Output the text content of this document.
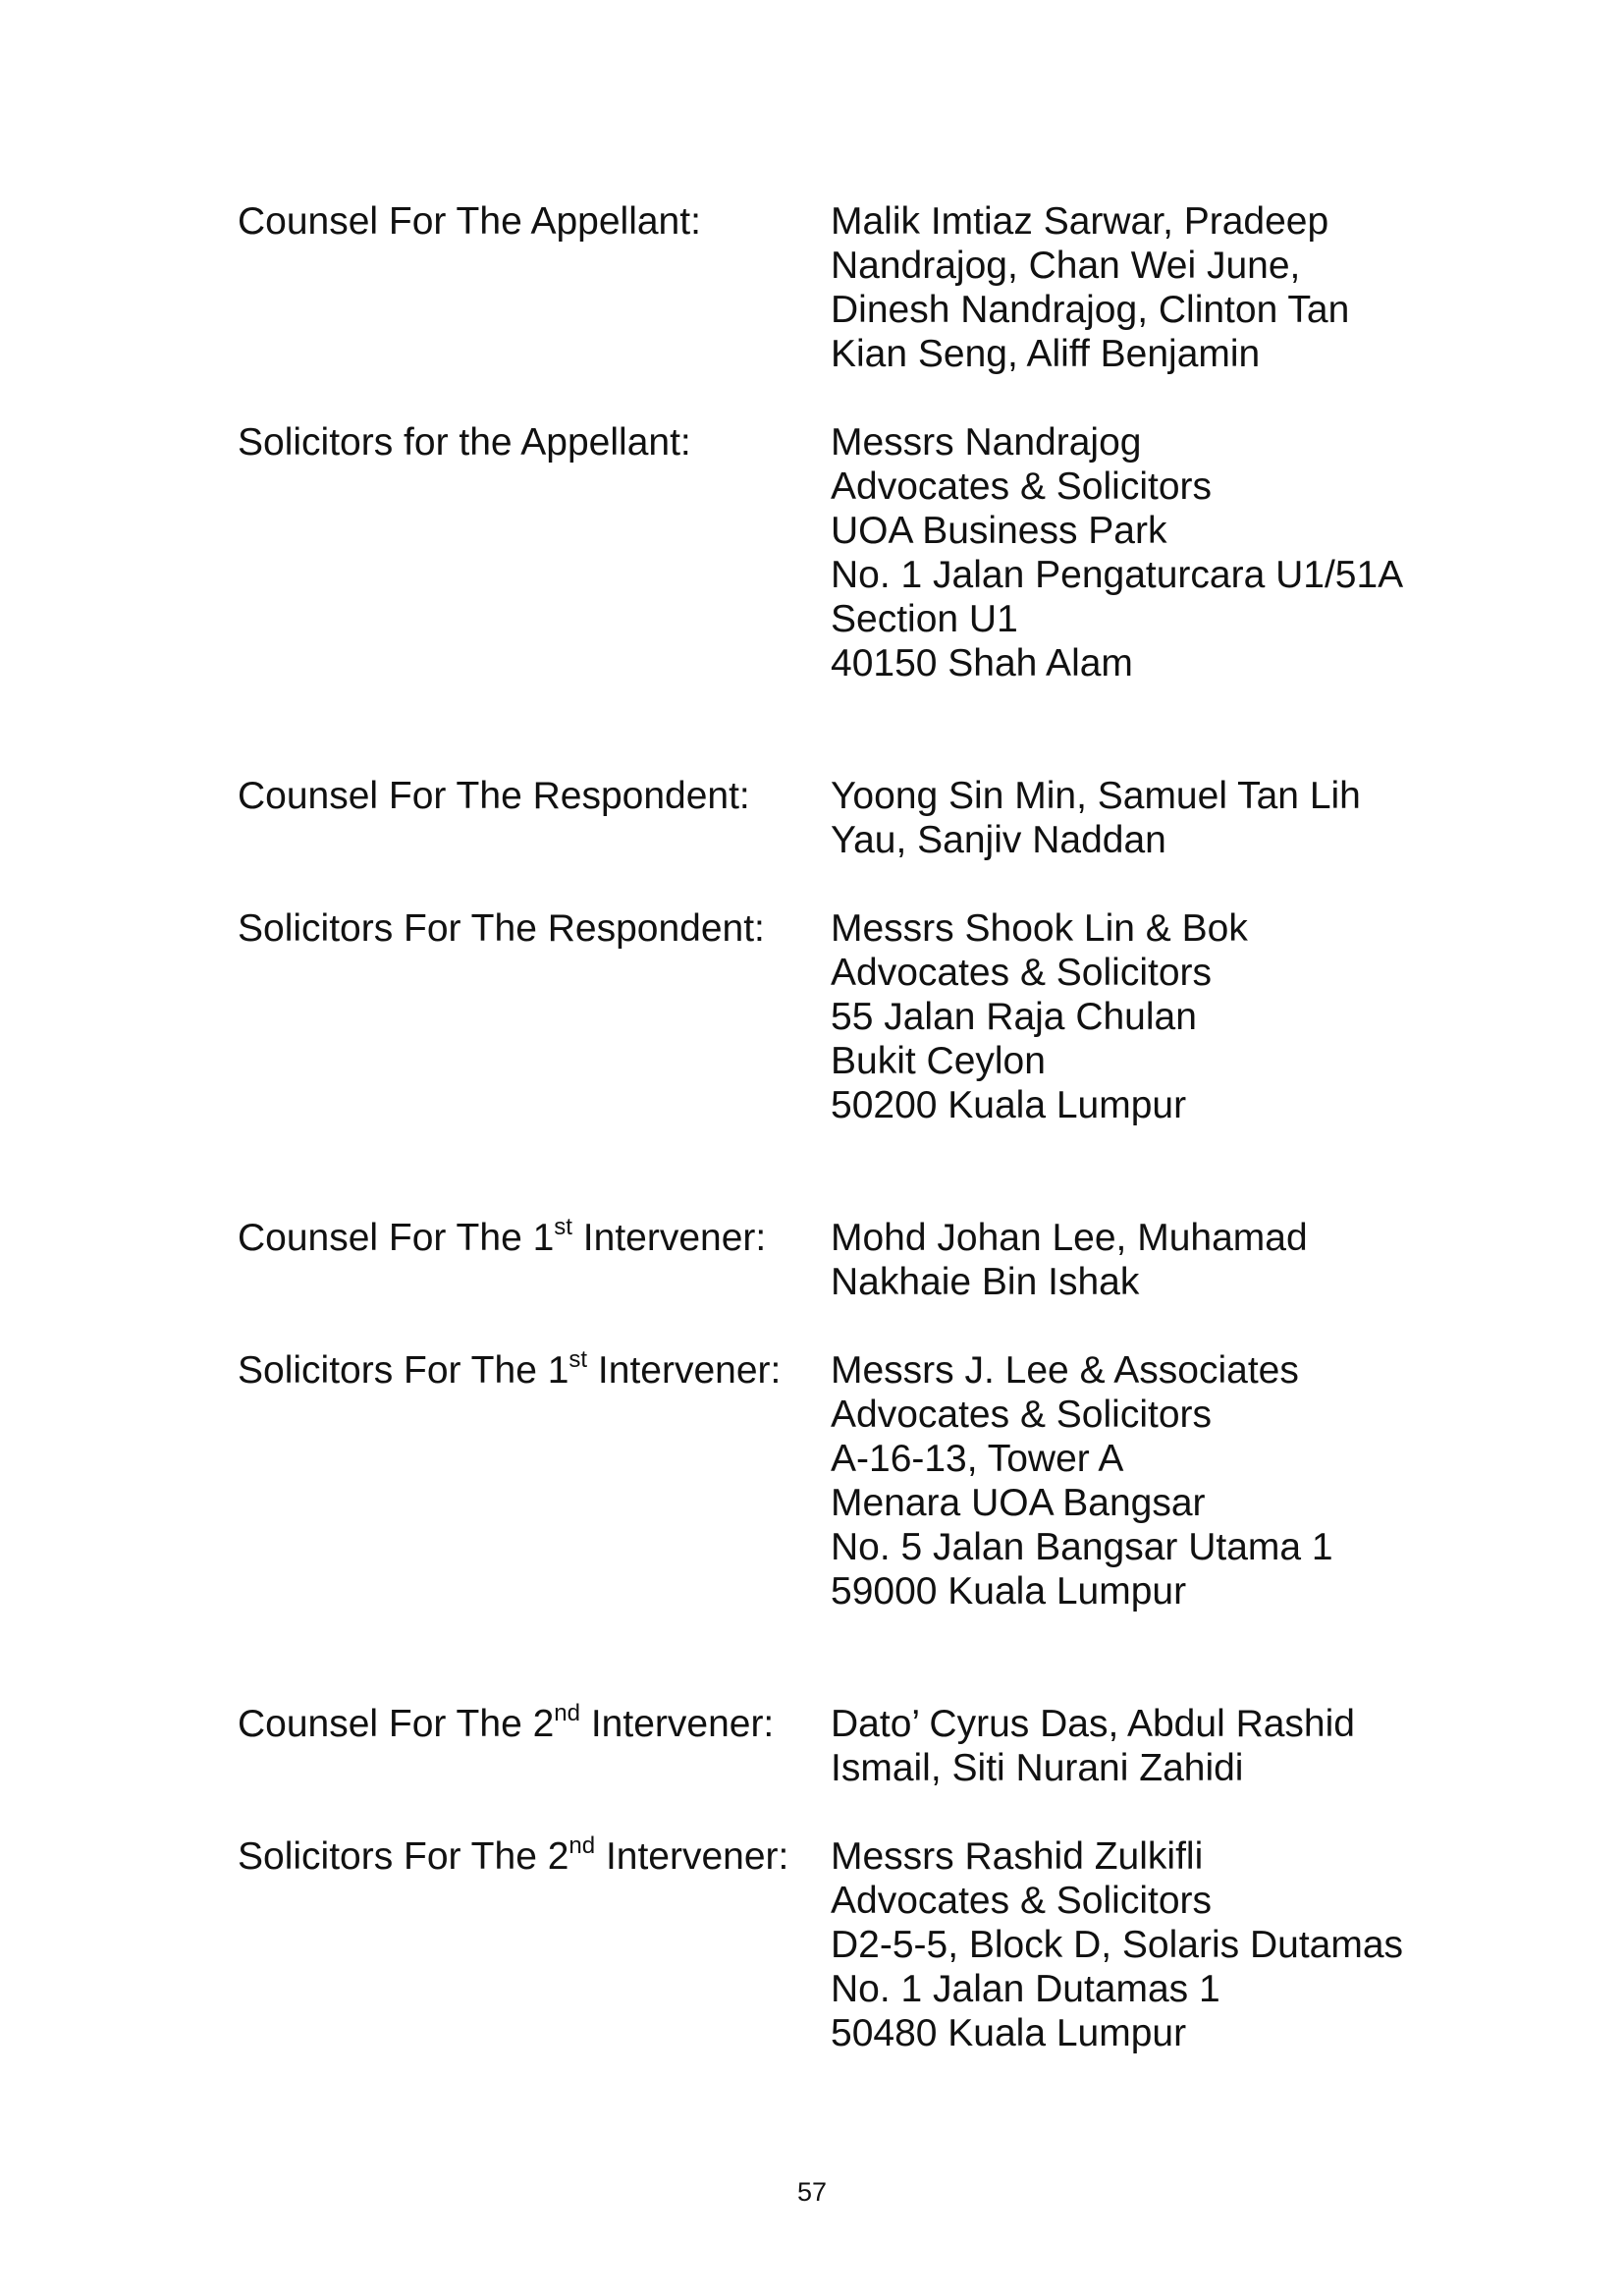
Counsel For The Appellant:	Malik Imtiaz Sarwar, Pradeep
Nandrajog, Chan Wei June,
Dinesh Nandrajog, Clinton Tan
Kian Seng, Aliff Benjamin
Solicitors for the Appellant:	Messrs Nandrajog
Advocates & Solicitors
UOA Business Park
No. 1 Jalan Pengaturcara U1/51A
Section U1
40150 Shah Alam
Counsel For The Respondent:	Yoong Sin Min, Samuel Tan Lih
Yau, Sanjiv Naddan
Solicitors For The Respondent:	Messrs Shook Lin & Bok
Advocates & Solicitors
55 Jalan Raja Chulan
Bukit Ceylon
50200 Kuala Lumpur
Counsel For The 1st Intervener:	Mohd Johan Lee, Muhamad
Nakhaie Bin Ishak
Solicitors For The 1st Intervener:	Messrs J. Lee & Associates
Advocates & Solicitors
A-16-13, Tower A
Menara UOA Bangsar
No. 5 Jalan Bangsar Utama 1
59000 Kuala Lumpur
Counsel For The 2nd Intervener:	Dato’ Cyrus Das, Abdul Rashid
Ismail, Siti Nurani Zahidi
Solicitors For The 2nd Intervener:	Messrs Rashid Zulkifli
Advocates & Solicitors
D2-5-5, Block D, Solaris Dutamas
No. 1 Jalan Dutamas 1
50480 Kuala Lumpur
57
